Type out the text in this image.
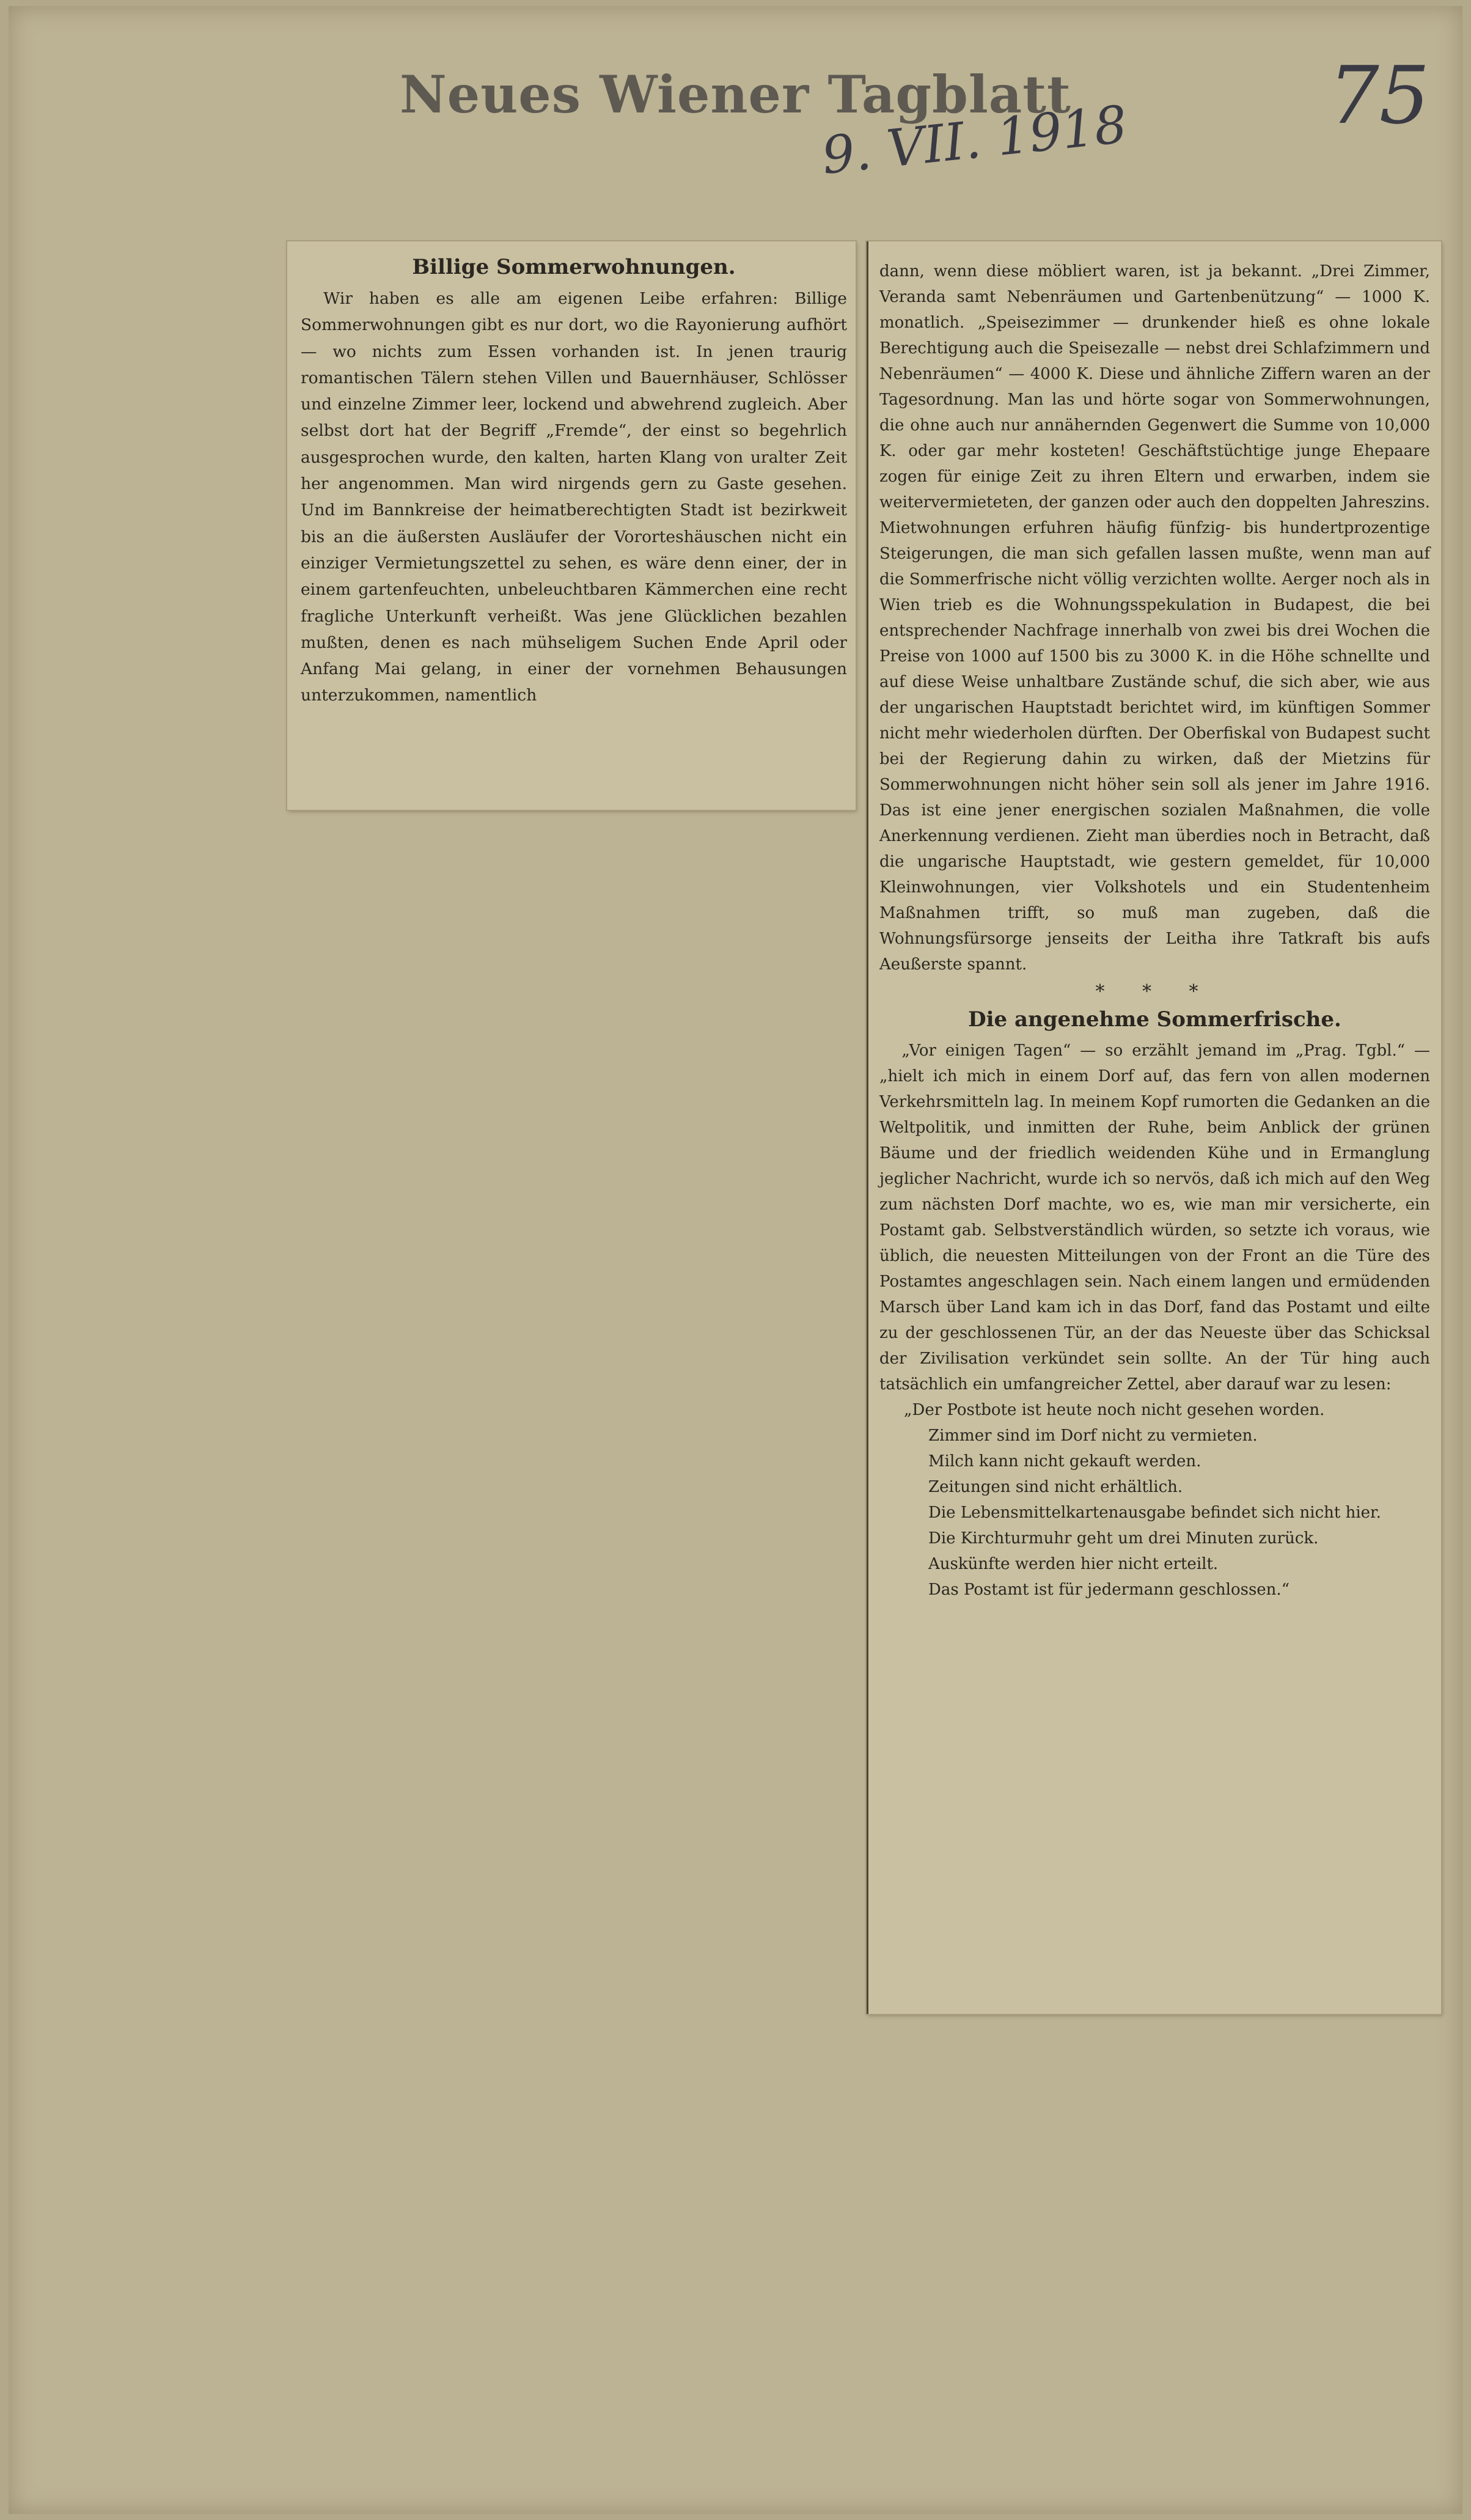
Neues Wiener Tagblatt
9. VII. 1918	75
Billige Sommerwohnungen.

Wir haben es alle am eigenen Leibe erfahren: Billige Sommerwohnungen gibt es nur dort, wo die Rayonierung aufhört — wo nichts zum Essen vorhanden ist. In jenen traurig romantischen Tälern stehen Villen und Bauernhäuser, Schlösser und einzelne Zimmer leer, lockend und abwehrend zugleich. Aber selbst dort hat der Begriff „Fremde“, der einst so begehrlich ausgesprochen wurde, den kalten, harten Klang von uralter Zeit her angenommen. Man wird nirgends gern zu Gaste gesehen. Und im Bannkreise der heimatberechtigten Stadt ist bezirkweit bis an die äußersten Ausläufer der Vororteshäuschen nicht ein einziger Vermietungszettel zu sehen, es wäre denn einer, der in einem gartenfeuchten, unbeleuchtbaren Kämmerchen eine recht fragliche Unterkunft verheißt. Was jene Glücklichen bezahlen mußten, denen es nach mühseligem Suchen Ende April oder Anfang Mai gelang, in einer der vornehmen Behausungen unterzukommen, namentlich

dann, wenn diese möbliert waren, ist ja bekannt. „Drei Zimmer, Veranda samt Nebenräumen und Gartenbenützung“ — 1000 K. monatlich. „Speisezimmer — drunkender hieß es ohne lokale Berechtigung auch die Speisezalle — nebst drei Schlafzimmern und Nebenräumen“ — 4000 K. Diese und ähnliche Ziffern waren an der Tagesordnung. Man las und hörte sogar von Sommerwohnungen, die ohne auch nur annähernden Gegenwert die Summe von 10,000 K. oder gar mehr kosteten! Geschäftstüchtige junge Ehepaare zogen für einige Zeit zu ihren Eltern und erwarben, indem sie weitervermieteten, der ganzen oder auch den doppelten Jahreszins. Mietwohnungen erfuhren häufig fünfzig- bis hundertprozentige Steigerungen, die man sich gefallen lassen mußte, wenn man auf die Sommerfrische nicht völlig verzichten wollte. Aerger noch als in Wien trieb es die Wohnungsspekulation in Budapest, die bei entsprechender Nachfrage innerhalb von zwei bis drei Wochen die Preise von 1000 auf 1500 bis zu 3000 K. in die Höhe schnellte und auf diese Weise unhaltbare Zustände schuf, die sich aber, wie aus der ungarischen Hauptstadt berichtet wird, im künftigen Sommer nicht mehr wiederholen dürften. Der Oberfiskal von Budapest sucht bei der Regierung dahin zu wirken, daß der Mietzins für Sommerwohnungen nicht höher sein soll als jener im Jahre 1916. Das ist eine jener energischen sozialen Maßnahmen, die volle Anerkennung verdienen. Zieht man überdies noch in Betracht, daß die ungarische Hauptstadt, wie gestern gemeldet, für 10,000 Kleinwohnungen, vier Volkshotels und ein Studentenheim Maßnahmen trifft, so muß man zugeben, daß die Wohnungsfürsorge jenseits der Leitha ihre Tatkraft bis aufs Aeußerste spannt.

* * *
Die angenehme Sommerfrische.

„Vor einigen Tagen“ — so erzählt jemand im „Prag. Tgbl.“ — „hielt ich mich in einem Dorf auf, das fern von allen modernen Verkehrsmitteln lag. In meinem Kopf rumorten die Gedanken an die Weltpolitik, und inmitten der Ruhe, beim Anblick der grünen Bäume und der friedlich weidenden Kühe und in Ermanglung jeglicher Nachricht, wurde ich so nervös, daß ich mich auf den Weg zum nächsten Dorf machte, wo es, wie man mir versicherte, ein Postamt gab. Selbstverständlich würden, so setzte ich voraus, wie üblich, die neuesten Mitteilungen von der Front an die Türe des Postamtes angeschlagen sein. Nach einem langen und ermüdenden Marsch über Land kam ich in das Dorf, fand das Postamt und eilte zu der geschlossenen Tür, an der das Neueste über das Schicksal der Zivilisation verkündet sein sollte. An der Tür hing auch tatsächlich ein umfangreicher Zettel, aber darauf war zu lesen:

„Der Postbote ist heute noch nicht gesehen worden.
Zimmer sind im Dorf nicht zu vermieten.
Milch kann nicht gekauft werden.
Zeitungen sind nicht erhältlich.
Die Lebensmittelkartenausgabe befindet sich nicht hier.
Die Kirchturmuhr geht um drei Minuten zurück.
Auskünfte werden hier nicht erteilt.
Das Postamt ist für jedermann geschlossen.“
